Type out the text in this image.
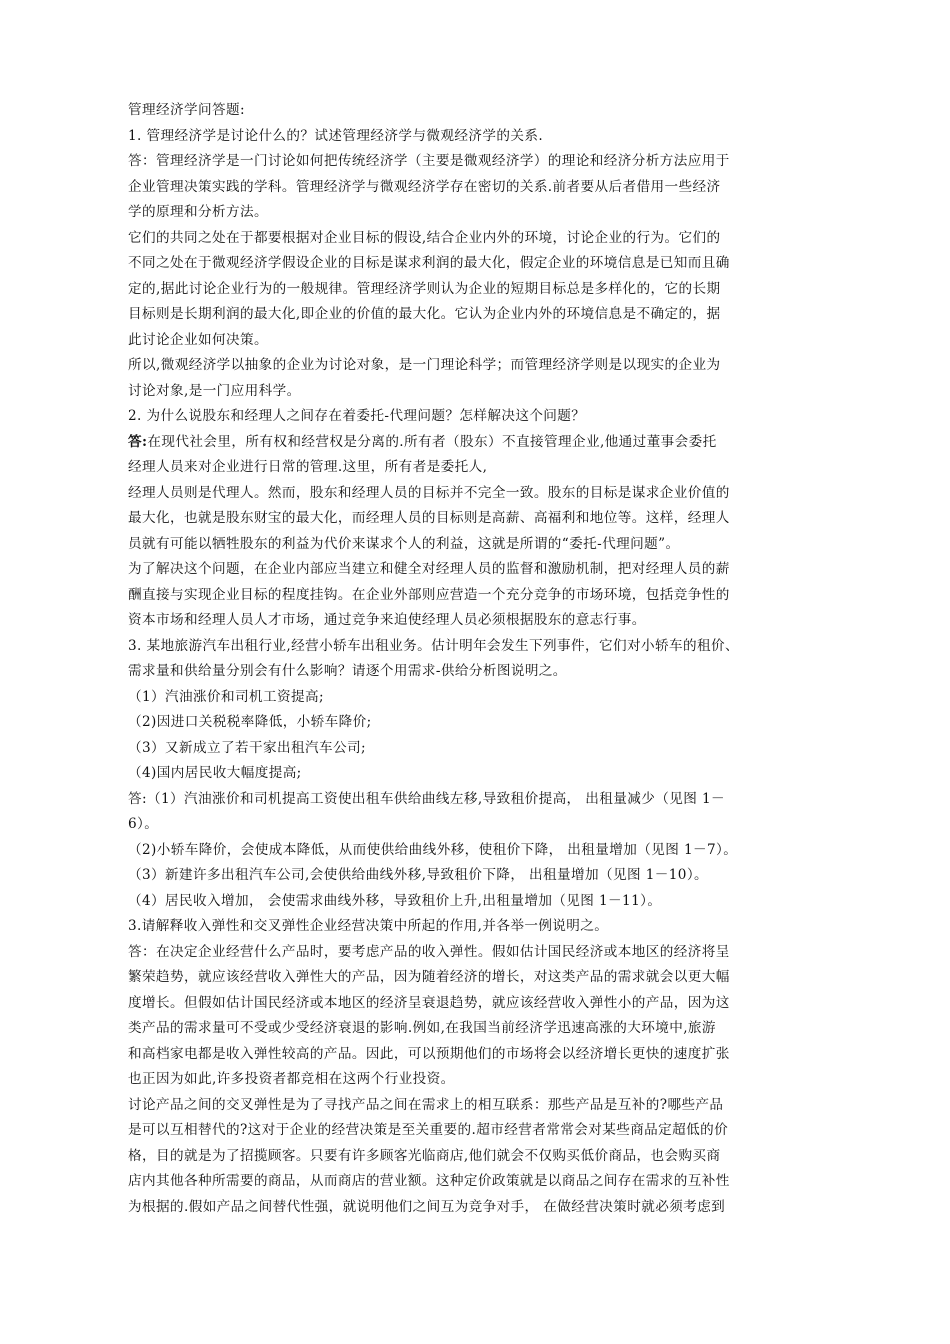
管理经济学问答题:
1. 管理经济学是讨论什么的？试述管理经济学与微观经济学的关系.
答：管理经济学是一门讨论如何把传统经济学（主要是微观经济学）的理论和经济分析方法应用于
企业管理决策实践的学科。管理经济学与微观经济学存在密切的关系.前者要从后者借用一些经济
学的原理和分析方法。
它们的共同之处在于都要根据对企业目标的假设,结合企业内外的环境，讨论企业的行为。它们的
不同之处在于微观经济学假设企业的目标是谋求利润的最大化，假定企业的环境信息是已知而且确
定的,据此讨论企业行为的一般规律。管理经济学则认为企业的短期目标总是多样化的，它的长期
目标则是长期利润的最大化,即企业的价值的最大化。它认为企业内外的环境信息是不确定的，据
此讨论企业如何决策。
所以,微观经济学以抽象的企业为讨论对象，是一门理论科学；而管理经济学则是以现实的企业为
讨论对象,是一门应用科学。
2. 为什么说股东和经理人之间存在着委托-代理问题？怎样解决这个问题？
答:在现代社会里，所有权和经营权是分离的.所有者（股东）不直接管理企业,他通过董事会委托
经理人员来对企业进行日常的管理.这里，所有者是委托人,
经理人员则是代理人。然而，股东和经理人员的目标并不完全一致。股东的目标是谋求企业价值的
最大化，也就是股东财宝的最大化，而经理人员的目标则是高薪、高福利和地位等。这样，经理人
员就有可能以牺牲股东的利益为代价来谋求个人的利益，这就是所谓的“委托-代理问题”。
为了解决这个问题，在企业内部应当建立和健全对经理人员的监督和激励机制，把对经理人员的薪
酬直接与实现企业目标的程度挂钩。在企业外部则应营造一个充分竞争的市场环境，包括竞争性的
资本市场和经理人员人才市场，通过竞争来迫使经理人员必须根据股东的意志行事。
3. 某地旅游汽车出租行业,经营小轿车出租业务。估计明年会发生下列事件，它们对小轿车的租价、
需求量和供给量分别会有什么影响？请逐个用需求-供给分析图说明之。
（1）汽油涨价和司机工资提高;
（2)因进口关税税率降低，小轿车降价;
（3）又新成立了若干家出租汽车公司;
（4)国内居民收大幅度提高;
答:（1）汽油涨价和司机提高工资使出租车供给曲线左移,导致租价提高， 出租量减少（见图 1－
6）。
（2)小轿车降价，会使成本降低，从而使供给曲线外移，使租价下降， 出租量增加（见图 1－7）。
（3）新建许多出租汽车公司,会使供给曲线外移,导致租价下降， 出租量增加（见图 1－10）。
（4）居民收入增加， 会使需求曲线外移，导致租价上升,出租量增加（见图 1－11）。
3.请解释收入弹性和交叉弹性企业经营决策中所起的作用,并各举一例说明之。
答：在决定企业经营什么产品时，要考虑产品的收入弹性。假如估计国民经济或本地区的经济将呈
繁荣趋势，就应该经营收入弹性大的产品，因为随着经济的增长，对这类产品的需求就会以更大幅
度增长。但假如估计国民经济或本地区的经济呈衰退趋势，就应该经营收入弹性小的产品，因为这
类产品的需求量可不受或少受经济衰退的影响.例如,在我国当前经济学迅速高涨的大环境中,旅游
和高档家电都是收入弹性较高的产品。因此，可以预期他们的市场将会以经济增长更快的速度扩张
也正因为如此,许多投资者都竞相在这两个行业投资。
讨论产品之间的交叉弹性是为了寻找产品之间在需求上的相互联系：那些产品是互补的?哪些产品
是可以互相替代的?这对于企业的经营决策是至关重要的.超市经营者常常会对某些商品定超低的价
格，目的就是为了招揽顾客。只要有许多顾客光临商店,他们就会不仅购买低价商品，也会购买商
店内其他各种所需要的商品，从而商店的营业额。这种定价政策就是以商品之间存在需求的互补性
为根据的.假如产品之间替代性强，就说明他们之间互为竞争对手， 在做经营决策时就必须考虑到
